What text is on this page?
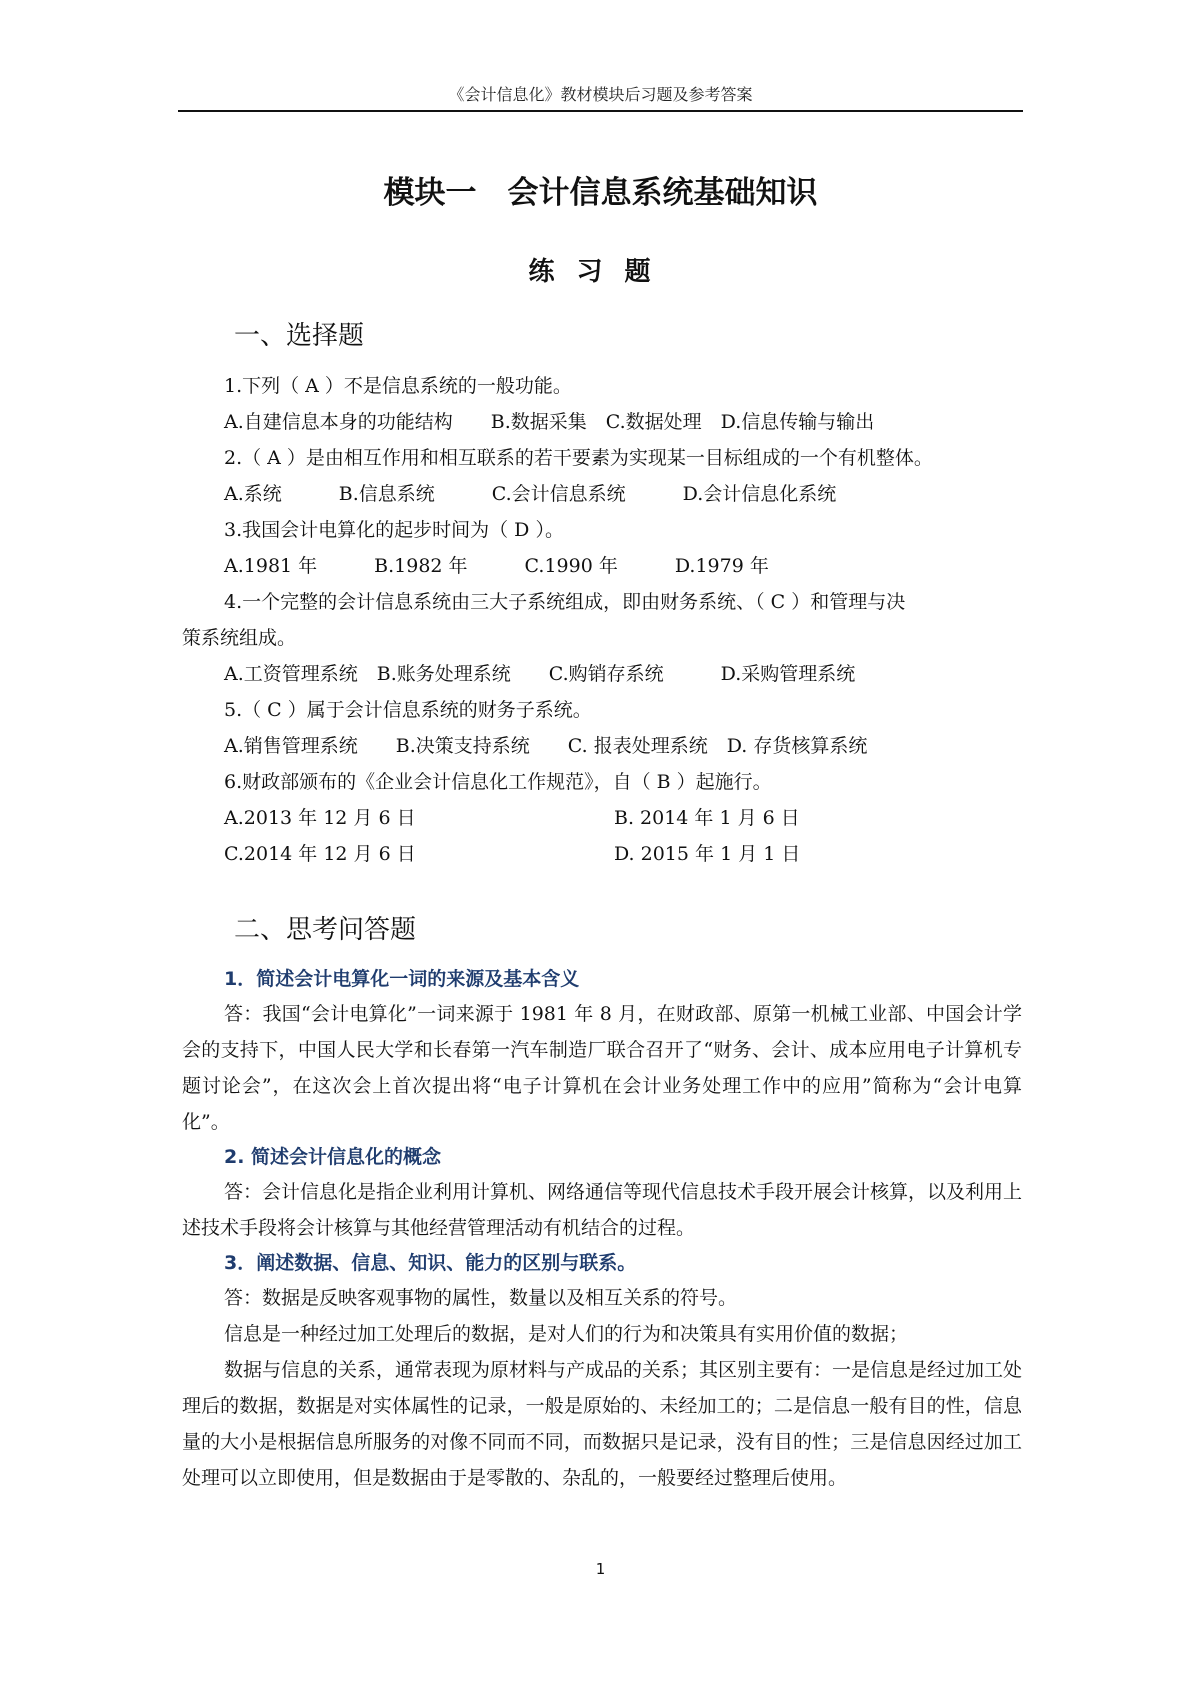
《会计信息化》教材模块后习题及参考答案
模块一　会计信息系统基础知识
练习题
一、选择题

1.下列（ A ）不是信息系统的一般功能。

A.自建信息本身的功能结构　　B.数据采集　C.数据处理　D.信息传输与输出

2.（ A ）是由相互作用和相互联系的若干要素为实现某一目标组成的一个有机整体。

A.系统　　　B.信息系统　　　C.会计信息系统　　　D.会计信息化系统

3.我国会计电算化的起步时间为（ D ）。

A.1981 年　　　B.1982 年　　　C.1990 年　　　D.1979 年

4.一个完整的会计信息系统由三大子系统组成，即由财务系统、（ C ）和管理与决

策系统组成。

A.工资管理系统　B.账务处理系统　　C.购销存系统　　　D.采购管理系统

5.（ C ）属于会计信息系统的财务子系统。

A.销售管理系统　　B.决策支持系统　　C. 报表处理系统　D. 存货核算系统

6.财政部颁布的《企业会计信息化工作规范》，自（ B ）起施行。

A.2013 年 12 月 6 日	B. 2014 年 1 月 6 日
C.2014 年 12 月 6 日	D. 2015 年 1 月 1 日
二、思考问答题

1．简述会计电算化一词的来源及基本含义

答：我国“会计电算化”一词来源于 1981 年 8 月，在财政部、原第一机械工业部、中国会计学会的支持下，中国人民大学和长春第一汽车制造厂联合召开了“财务、会计、成本应用电子计算机专题讨论会”，在这次会上首次提出将“电子计算机在会计业务处理工作中的应用”简称为“会计电算化”。

2. 简述会计信息化的概念

答：会计信息化是指企业利用计算机、网络通信等现代信息技术手段开展会计核算，以及利用上述技术手段将会计核算与其他经营管理活动有机结合的过程。

3．阐述数据、信息、知识、能力的区别与联系。

答：数据是反映客观事物的属性，数量以及相互关系的符号。

信息是一种经过加工处理后的数据，是对人们的行为和决策具有实用价值的数据；

数据与信息的关系，通常表现为原材料与产成品的关系；其区别主要有：一是信息是经过加工处理后的数据，数据是对实体属性的记录，一般是原始的、未经加工的；二是信息一般有目的性，信息量的大小是根据信息所服务的对像不同而不同，而数据只是记录，没有目的性；三是信息因经过加工处理可以立即使用，但是数据由于是零散的、杂乱的，一般要经过整理后使用。

1
